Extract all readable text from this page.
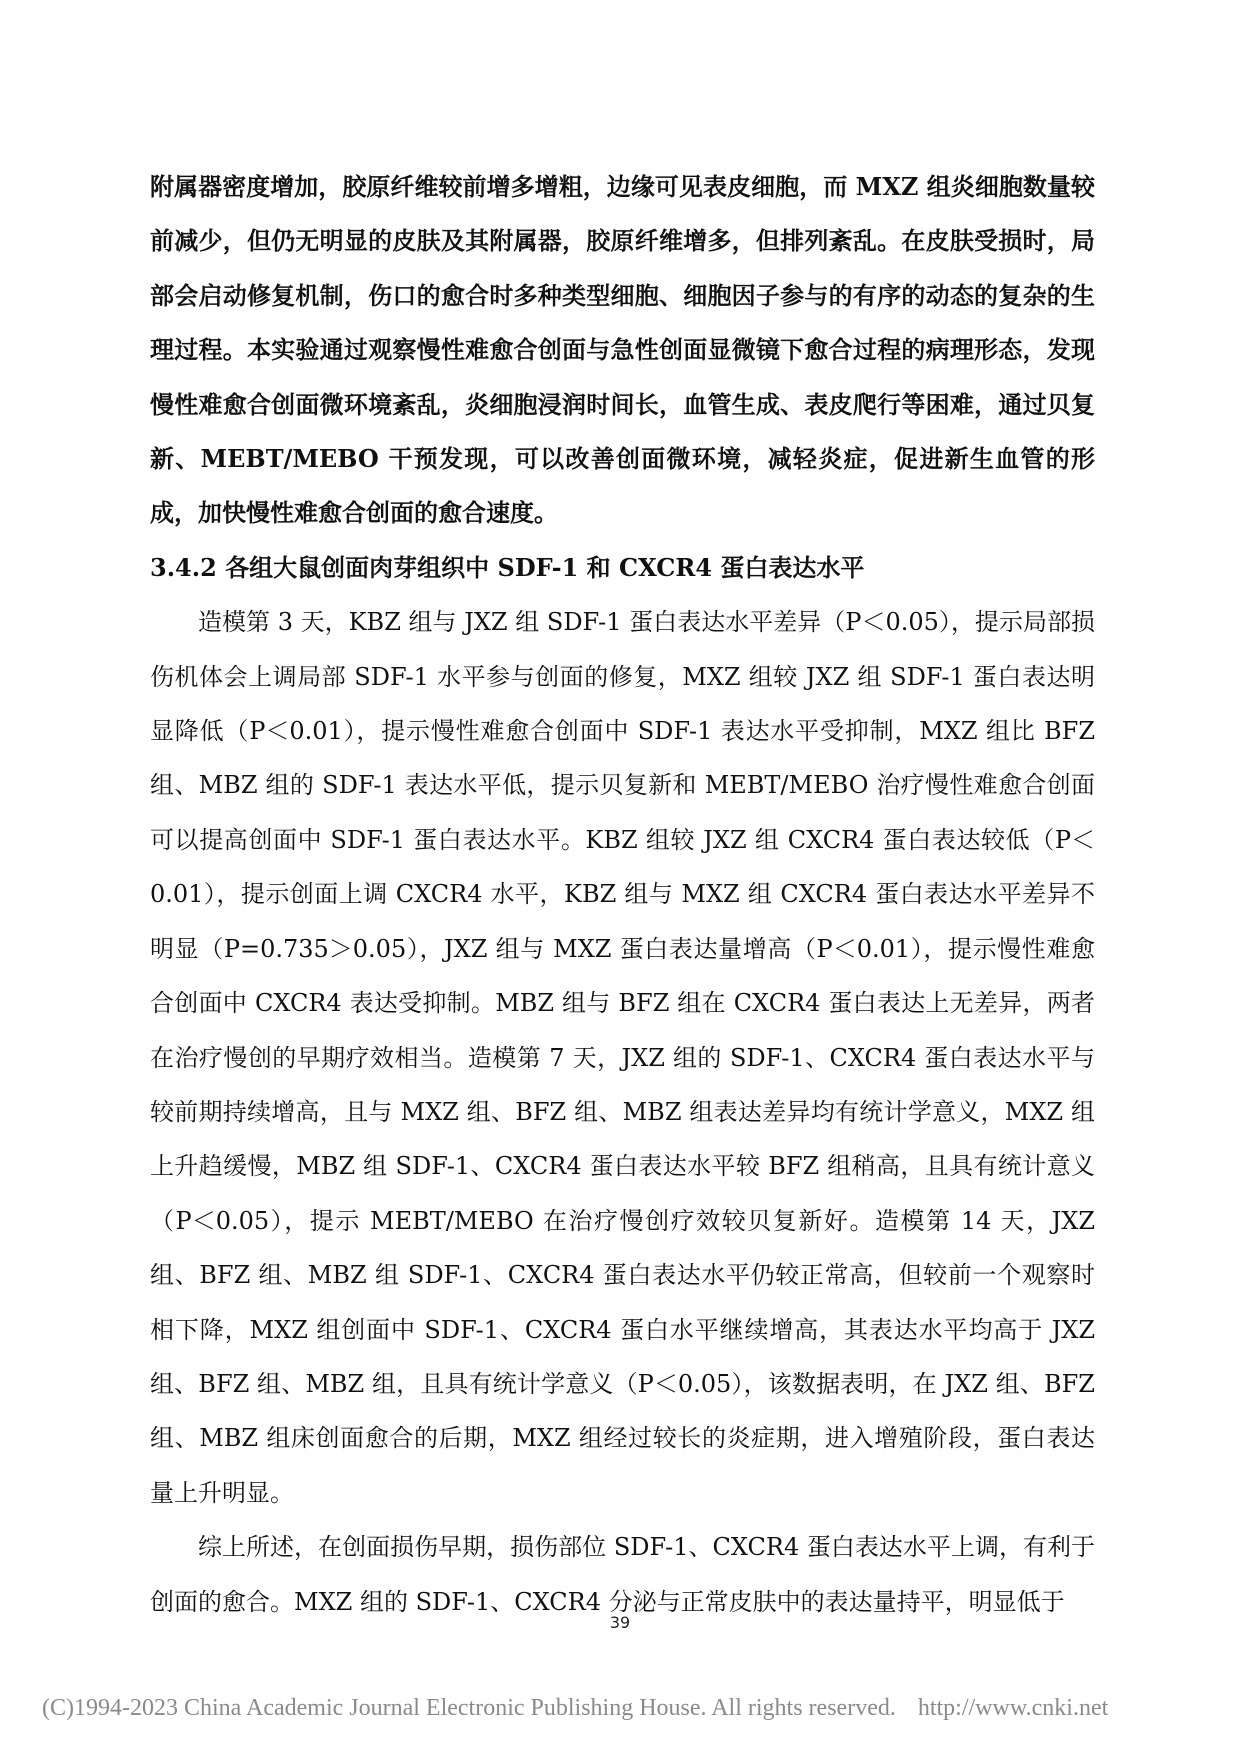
附属器密度增加，胶原纤维较前增多增粗，边缘可见表皮细胞，而 MXZ 组炎细胞数量较前减少，但仍无明显的皮肤及其附属器，胶原纤维增多，但排列紊乱。在皮肤受损时，局部会启动修复机制，伤口的愈合时多种类型细胞、细胞因子参与的有序的动态的复杂的生理过程。本实验通过观察慢性难愈合创面与急性创面显微镜下愈合过程的病理形态，发现慢性难愈合创面微环境紊乱，炎细胞浸润时间长，血管生成、表皮爬行等困难，通过贝复新、MEBT/MEBO 干预发现，可以改善创面微环境，减轻炎症，促进新生血管的形成，加快慢性难愈合创面的愈合速度。

3.4.2 各组大鼠创面肉芽组织中 SDF-1 和 CXCR4 蛋白表达水平

造模第 3 天，KBZ 组与 JXZ 组 SDF-1 蛋白表达水平差异（P＜0.05），提示局部损伤机体会上调局部 SDF-1 水平参与创面的修复，MXZ 组较 JXZ 组 SDF-1 蛋白表达明显降低（P＜0.01），提示慢性难愈合创面中 SDF-1 表达水平受抑制，MXZ 组比 BFZ 组、MBZ 组的 SDF-1 表达水平低，提示贝复新和 MEBT/MEBO 治疗慢性难愈合创面可以提高创面中 SDF-1 蛋白表达水平。KBZ 组较 JXZ 组 CXCR4 蛋白表达较低（P＜0.01），提示创面上调 CXCR4 水平，KBZ 组与 MXZ 组 CXCR4 蛋白表达水平差异不明显（P=0.735＞0.05），JXZ 组与 MXZ 蛋白表达量增高（P＜0.01），提示慢性难愈合创面中 CXCR4 表达受抑制。MBZ 组与 BFZ 组在 CXCR4 蛋白表达上无差异，两者在治疗慢创的早期疗效相当。造模第 7 天，JXZ 组的 SDF-1、CXCR4 蛋白表达水平与较前期持续增高，且与 MXZ 组、BFZ 组、MBZ 组表达差异均有统计学意义，MXZ 组上升趋缓慢，MBZ 组 SDF-1、CXCR4 蛋白表达水平较 BFZ 组稍高，且具有统计意义（P＜0.05），提示 MEBT/MEBO 在治疗慢创疗效较贝复新好。造模第 14 天，JXZ 组、BFZ 组、MBZ 组 SDF-1、CXCR4 蛋白表达水平仍较正常高，但较前一个观察时相下降，MXZ 组创面中 SDF-1、CXCR4 蛋白水平继续增高，其表达水平均高于 JXZ 组、BFZ 组、MBZ 组，且具有统计学意义（P＜0.05），该数据表明，在 JXZ 组、BFZ 组、MBZ 组床创面愈合的后期，MXZ 组经过较长的炎症期，进入增殖阶段，蛋白表达量上升明显。

综上所述，在创面损伤早期，损伤部位 SDF-1、CXCR4 蛋白表达水平上调，有利于创面的愈合。MXZ 组的 SDF-1、CXCR4 分泌与正常皮肤中的表达量持平，明显低于

39
(C)1994-2023 China Academic Journal Electronic Publishing House. All rights reserved. http://www.cnki.net
